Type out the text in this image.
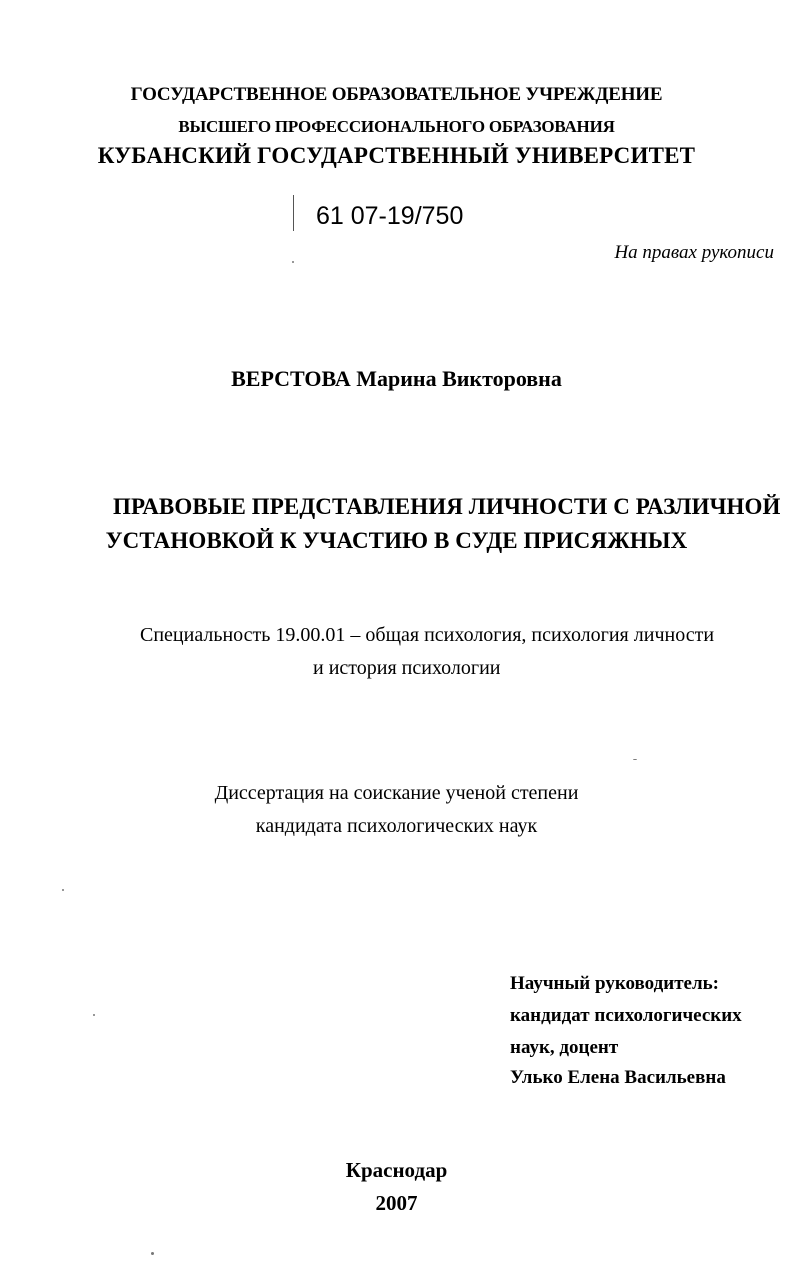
ГОСУДАРСТВЕННОЕ ОБРАЗОВАТЕЛЬНОЕ УЧРЕЖДЕНИЕ
ВЫСШЕГО ПРОФЕССИОНАЛЬНОГО ОБРАЗОВАНИЯ
КУБАНСКИЙ ГОСУДАРСТВЕННЫЙ УНИВЕРСИТЕТ
61 07-19/750
На правах рукописи
ВЕРСТОВА Марина Викторовна
ПРАВОВЫЕ ПРЕДСТАВЛЕНИЯ ЛИЧНОСТИ С РАЗЛИЧНОЙ
УСТАНОВКОЙ К УЧАСТИЮ В СУДЕ ПРИСЯЖНЫХ
Специальность 19.00.01 – общая психология, психология личности
и история психологии
Диссертация на соискание ученой степени
кандидата психологических наук
Научный руководитель:
кандидат психологических
наук, доцент
Улько Елена Васильевна
Краснодар
2007
